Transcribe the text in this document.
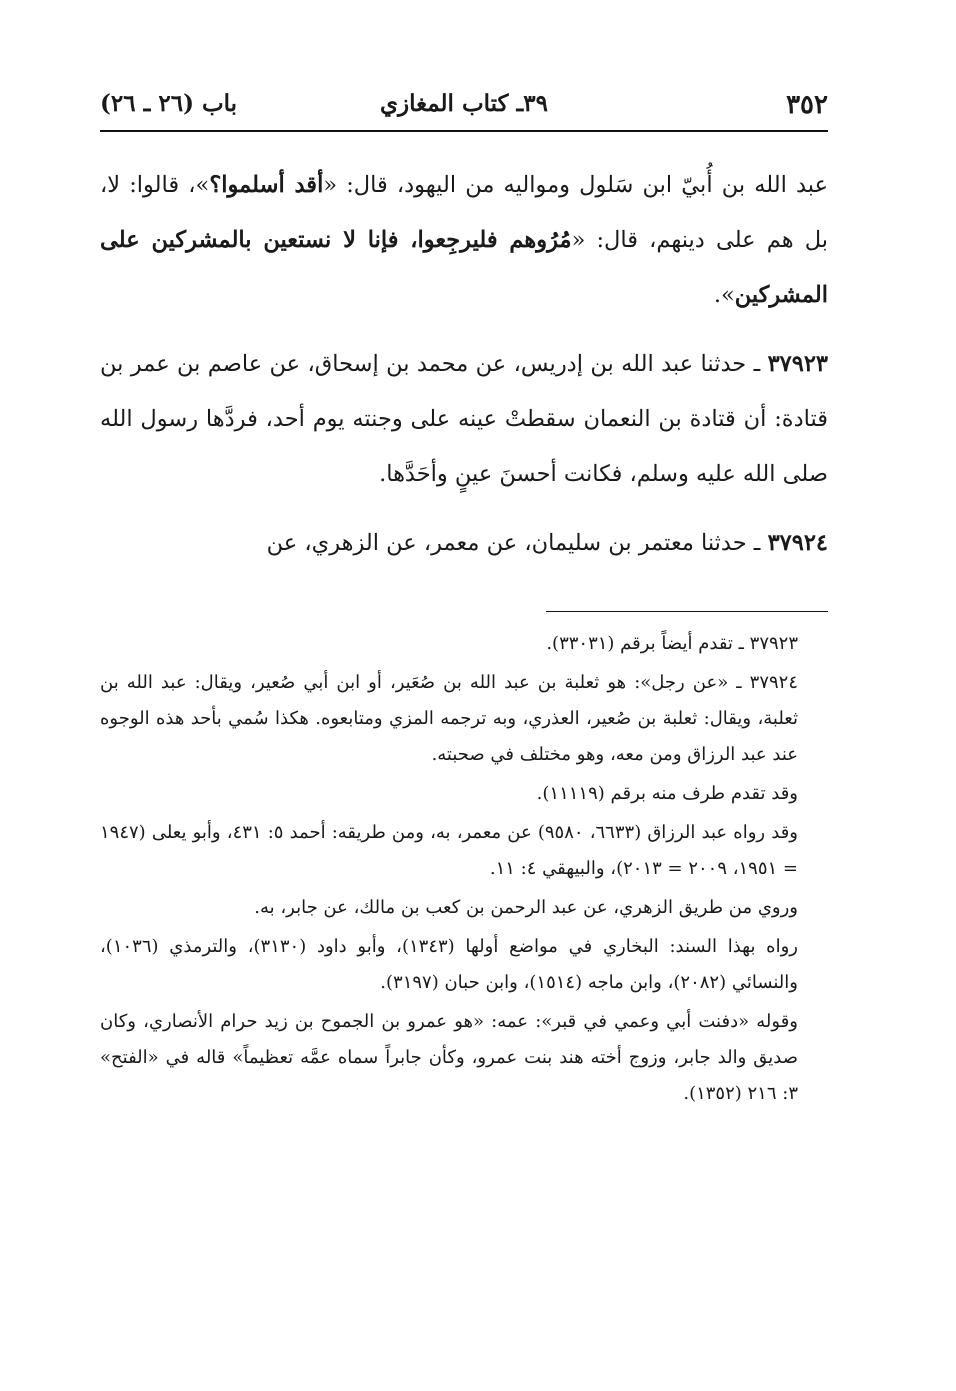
٣٥٢
٣٩ـ كتاب المغازي
باب (٢٦ ـ ٢٦)

عبد الله بن أُبيّ ابن سَلول ومواليه من اليهود، قال: «أقد أسلموا؟»، قالوا: لا، بل هم على دينهم، قال: «مُرُوهم فليرجِعوا، فإنا لا نستعين بالمشركين على المشركين».

٣٧٩٢٣ ـ حدثنا عبد الله بن إدريس، عن محمد بن إسحاق، عن عاصم بن عمر بن قتادة: أن قتادة بن النعمان سقطتْ عينه على وجنته يوم أحد، فردَّها رسول الله صلى الله عليه وسلم، فكانت أحسنَ عينٍ وأحَدَّها.

٣٧٩٢٤ ـ حدثنا معتمر بن سليمان، عن معمر، عن الزهري، عن

٣٧٩٢٣ ـ تقدم أيضاً برقم (٣٣٠٣١).

٣٧٩٢٤ ـ «عن رجل»: هو ثعلبة بن عبد الله بن صُعَير، أو ابن أبي صُعير، ويقال: عبد الله بن ثعلبة، ويقال: ثعلبة بن صُعير، العذري، وبه ترجمه المزي ومتابعوه. هكذا سُمي بأحد هذه الوجوه عند عبد الرزاق ومن معه، وهو مختلف في صحبته.

وقد تقدم طرف منه برقم (١١١١٩).

وقد رواه عبد الرزاق (٦٦٣٣، ٩٥٨٠) عن معمر، به، ومن طريقه: أحمد ٥: ٤٣١، وأبو يعلى (١٩٤٧ = ١٩٥١، ٢٠٠٩ = ٢٠١٣)، والبيهقي ٤: ١١.

وروي من طريق الزهري، عن عبد الرحمن بن كعب بن مالك، عن جابر، به.

رواه بهذا السند: البخاري في مواضع أولها (١٣٤٣)، وأبو داود (٣١٣٠)، والترمذي (١٠٣٦)، والنسائي (٢٠٨٢)، وابن ماجه (١٥١٤)، وابن حبان (٣١٩٧).

وقوله «دفنت أبي وعمي في قبر»: عمه: «هو عمرو بن الجموح بن زيد حرام الأنصاري، وكان صديق والد جابر، وزوج أخته هند بنت عمرو، وكأن جابراً سماه عمَّه تعظيماً» قاله في «الفتح» ٣: ٢١٦ (١٣٥٢).
